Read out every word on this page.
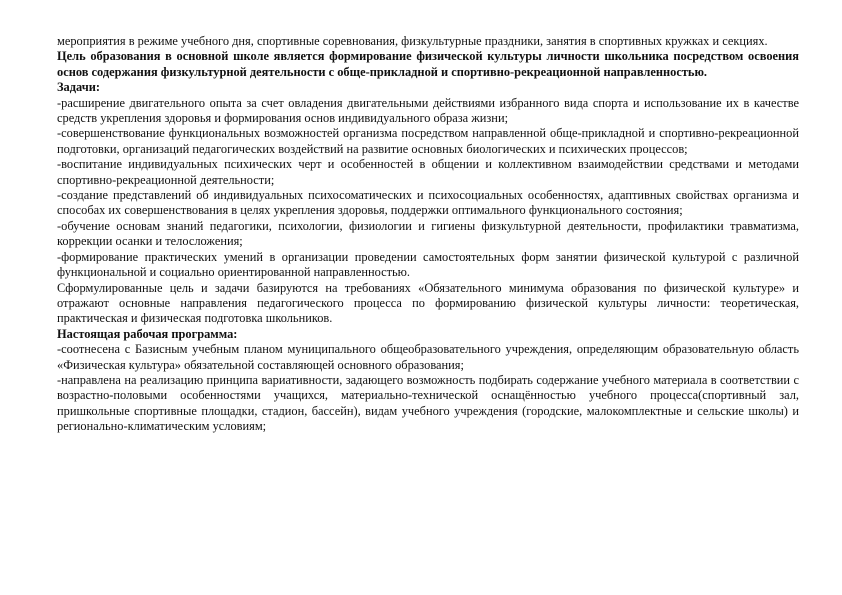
мероприятия в режиме учебного дня, спортивные соревнования, физкультурные праздники, занятия в спортивных кружках и секциях.

Цель образования в основной школе является формирование физической культуры личности школьника посредством освоения основ содержания физкультурной деятельности с обще-прикладной и спортивно-рекреационной направленностью.

Задачи:

-расширение двигательного опыта за счет овладения двигательными действиями избранного вида спорта и использование их в качестве средств укрепления здоровья и формирования основ индивидуального образа жизни;

-совершенствование функциональных возможностей организма посредством направленной обще-прикладной и спортивно-рекреационной подготовки, организаций педагогических воздействий на развитие основных биологических и психических процессов;

-воспитание индивидуальных психических черт и особенностей в общении и коллективном взаимодействии средствами и методами спортивно-рекреационной деятельности;

-создание представлений об индивидуальных психосоматических и психосоциальных особенностях, адаптивных свойствах организма и способах их совершенствования в целях укрепления здоровья, поддержки оптимального функционального состояния;

-обучение основам знаний педагогики, психологии, физиологии и гигиены физкультурной деятельности, профилактики травматизма, коррекции осанки и телосложения;

-формирование практических умений в организации проведении самостоятельных форм занятии физической культурой с различной функциональной и социально ориентированной направленностью.

Сформулированные цель и задачи базируются на требованиях «Обязательного минимума образования по физической культуре» и отражают основные направления педагогического процесса по формированию физической культуры личности: теоретическая, практическая и физическая подготовка школьников.

Настоящая рабочая программа:

-соотнесена с Базисным учебным планом муниципального общеобразовательного учреждения, определяющим образовательную область «Физическая культура» обязательной составляющей основного образования;

-направлена на реализацию принципа вариативности, задающего возможность подбирать содержание учебного материала в соответствии с возрастно-половыми особенностями учащихся, материально-технической оснащённостью учебного процесса(спортивный зал, пришкольные спортивные площадки, стадион, бассейн), видам учебного учреждения (городские, малокомплектные и сельские школы) и регионально-климатическим условиям;
